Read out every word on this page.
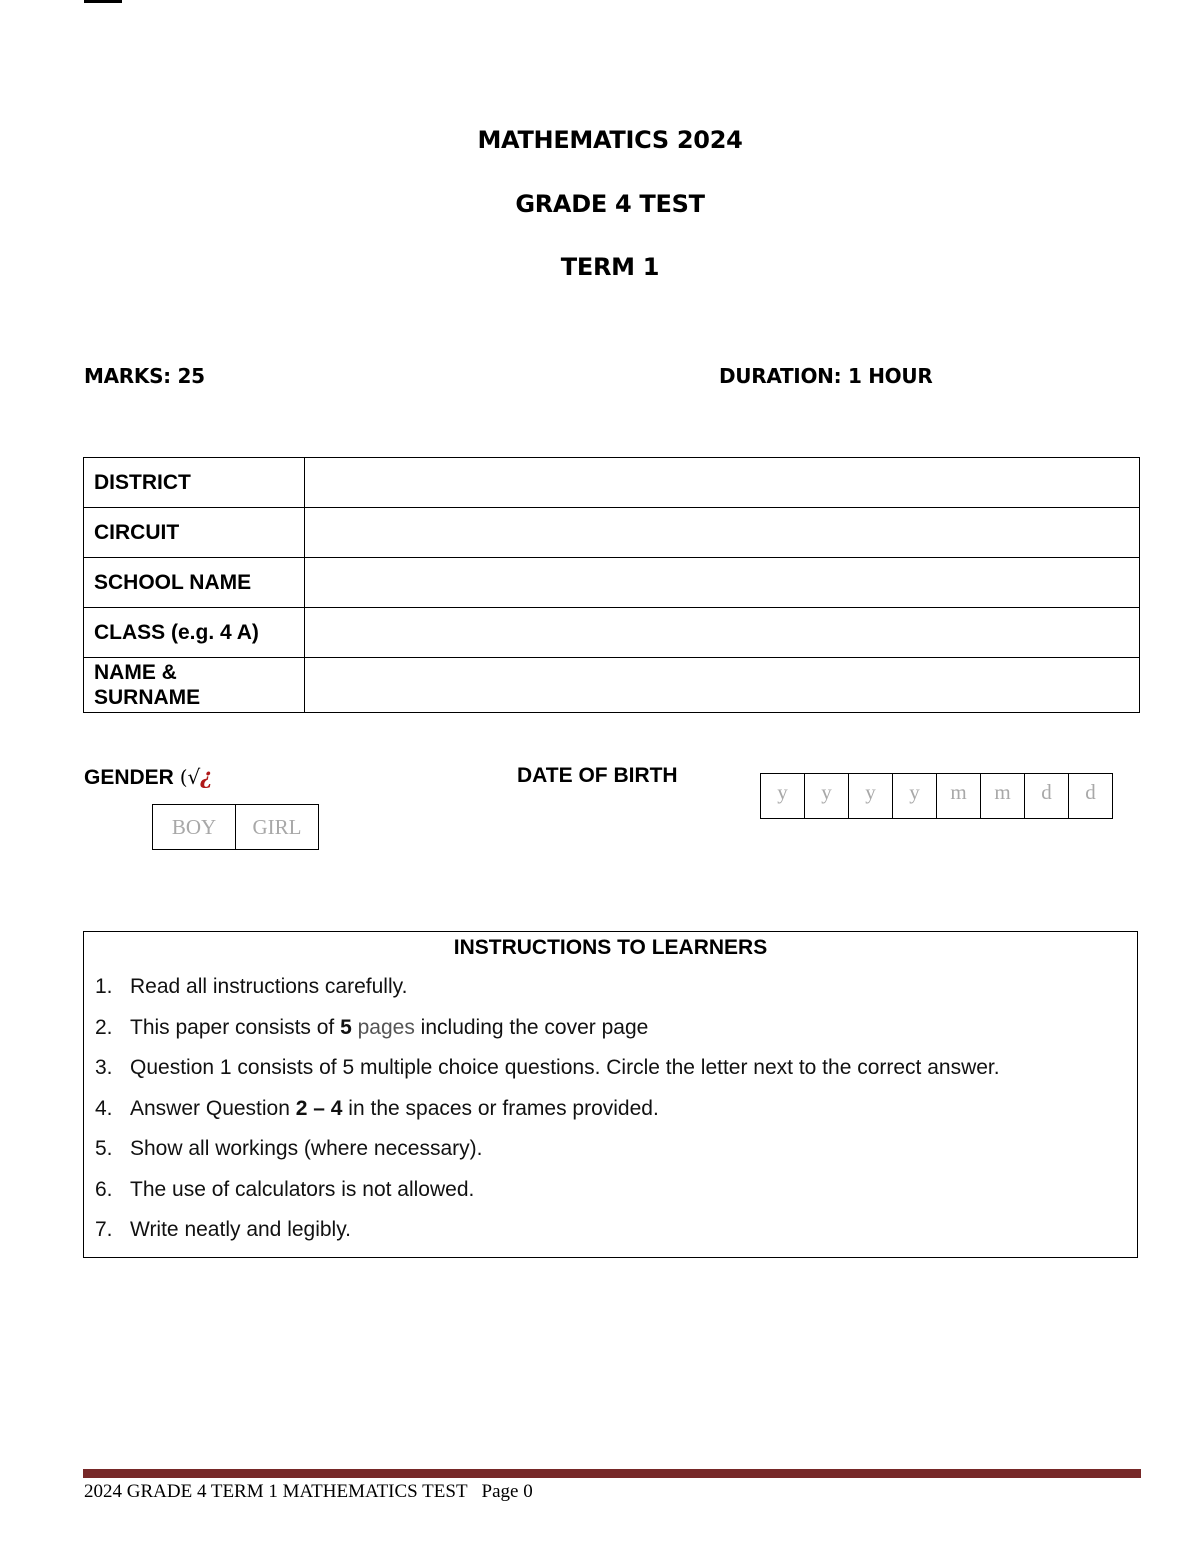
MATHEMATICS 2024
GRADE 4 TEST
TERM 1
MARKS: 25	DURATION: 1 HOUR
DISTRICT	
CIRCUIT	
SCHOOL NAME	
CLASS (e.g. 4 A)	
NAME &
SURNAME	
GENDER (√¿
BOY	GIRL
DATE OF BIRTH
y	y	y	y	m	m	d	d
INSTRUCTIONS TO LEARNERS
1. Read all instructions carefully.
2. This paper consists of 5 pages including the cover page
3. Question 1 consists of 5 multiple choice questions. Circle the letter next to the correct answer.
4. Answer Question 2 – 4 in the spaces or frames provided.
5. Show all workings (where necessary).
6. The use of calculators is not allowed.
7. Write neatly and legibly.
2024 GRADE 4 TERM 1 MATHEMATICS TEST Page 0
